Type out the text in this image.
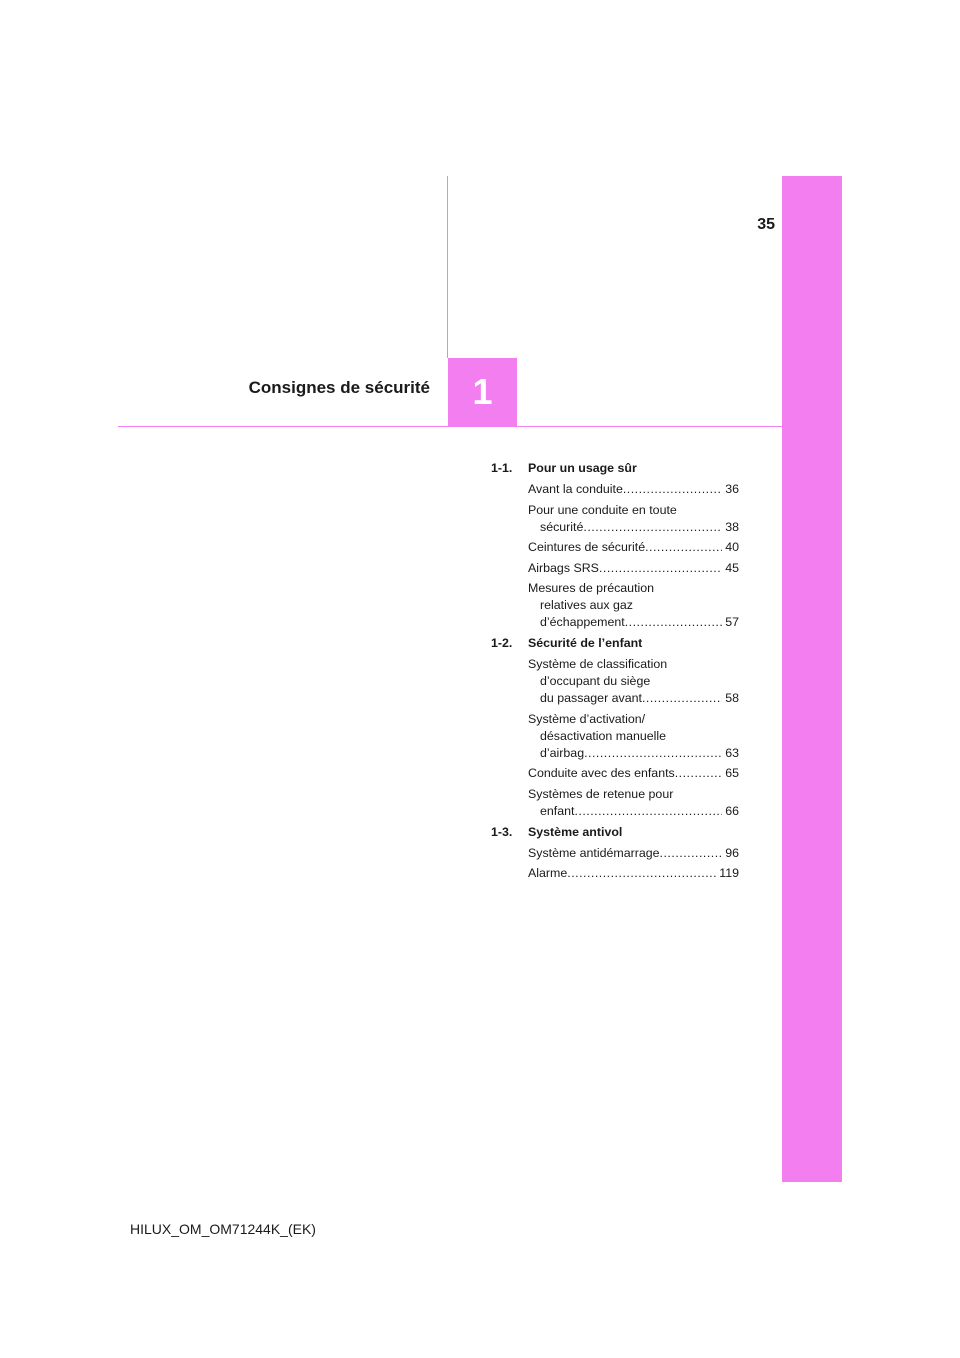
35
Consignes de sécurité 1
1-1.	Pour un usage sûr
Avant la conduite .....	36
Pour une conduite en toute
sécurité .....	38
Ceintures de sécurité .....	40
Airbags SRS .....	45
Mesures de précaution
relatives aux gaz
d’échappement .....	57
1-2.	Sécurité de l’enfant
Système de classification
d’occupant du siège
du passager avant .....	58
Système d’activation/
désactivation manuelle
d’airbag .....	63
Conduite avec des enfants .....	65
Systèmes de retenue pour
enfant .....	66
1-3.	Système antivol
Système antidémarrage .....	96
Alarme .....	119
HILUX_OM_OM71244K_(EK)
